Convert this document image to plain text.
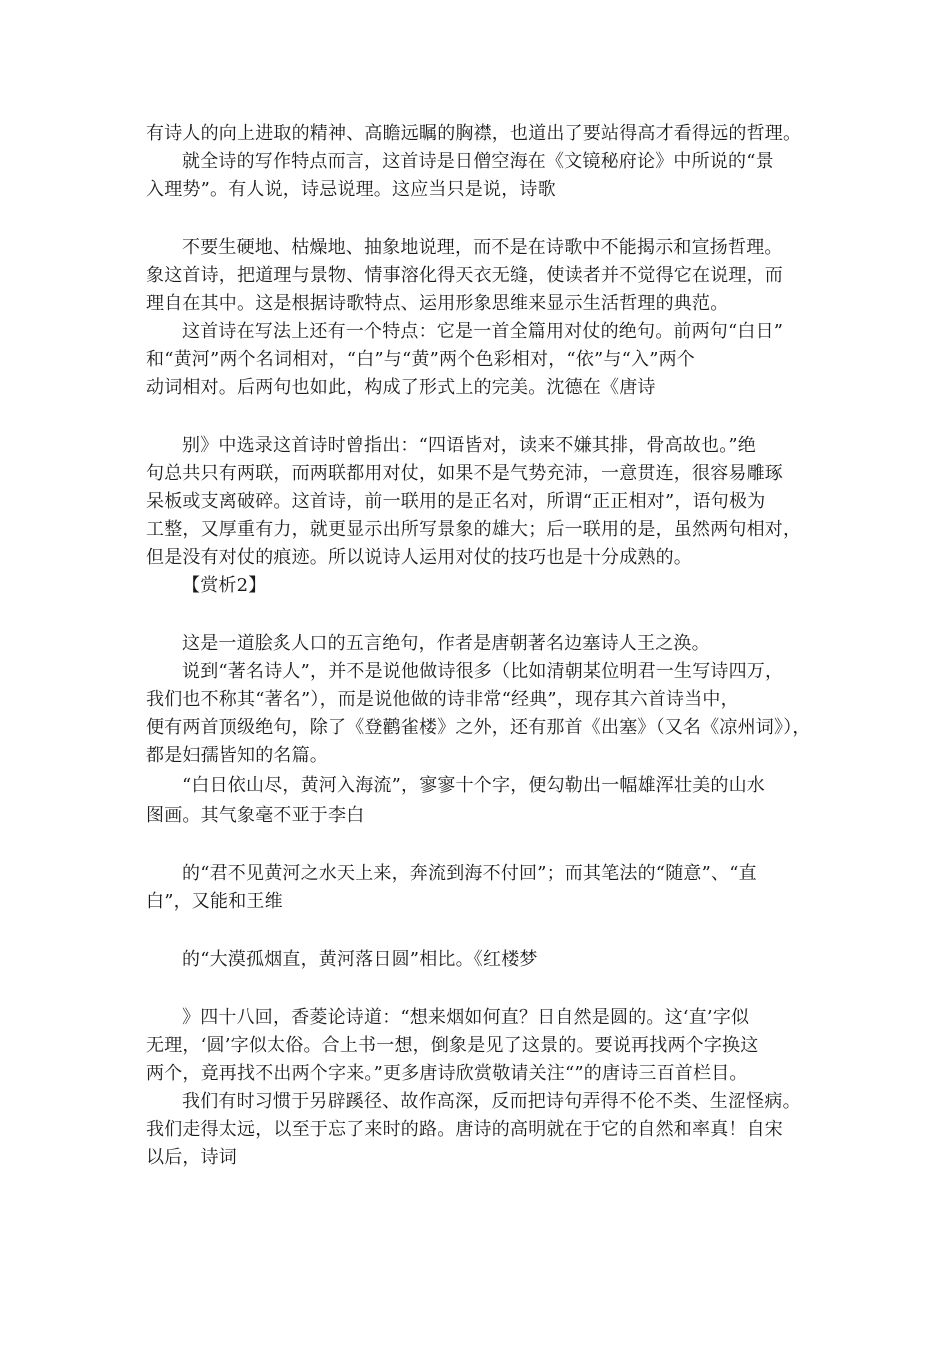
有诗人的向上进取的精神、高瞻远瞩的胸襟，也道出了要站得高才看得远的哲理。
就全诗的写作特点而言，这首诗是日僧空海在《文镜秘府论》中所说的“景
入理势”。有人说，诗忌说理。这应当只是说，诗歌
不要生硬地、枯燥地、抽象地说理，而不是在诗歌中不能揭示和宣扬哲理。
象这首诗，把道理与景物、情事溶化得天衣无缝，使读者并不觉得它在说理，而
理自在其中。这是根据诗歌特点、运用形象思维来显示生活哲理的典范。
这首诗在写法上还有一个特点：它是一首全篇用对仗的绝句。前两句“白日”
和“黄河”两个名词相对，“白”与“黄”两个色彩相对，“依”与“入”两个
动词相对。后两句也如此，构成了形式上的完美。沈德在《唐诗
别》中选录这首诗时曾指出：“四语皆对，读来不嫌其排，骨高故也。”绝
句总共只有两联，而两联都用对仗，如果不是气势充沛，一意贯连，很容易雕琢
呆板或支离破碎。这首诗，前一联用的是正名对，所谓“正正相对”，语句极为
工整，又厚重有力，就更显示出所写景象的雄大；后一联用的是，虽然两句相对，
但是没有对仗的痕迹。所以说诗人运用对仗的技巧也是十分成熟的。
【赏析2】
这是一道脍炙人口的五言绝句，作者是唐朝著名边塞诗人王之涣。
说到“著名诗人”，并不是说他做诗很多（比如清朝某位明君一生写诗四万，
我们也不称其“著名”），而是说他做的诗非常“经典”，现存其六首诗当中，
便有两首顶级绝句，除了《登鹳雀楼》之外，还有那首《出塞》（又名《凉州词》），
都是妇孺皆知的名篇。
“白日依山尽，黄河入海流”，寥寥十个字，便勾勒出一幅雄浑壮美的山水
图画。其气象毫不亚于李白
的“君不见黄河之水天上来，奔流到海不付回”；而其笔法的“随意”、“直
白”，又能和王维
的“大漠孤烟直，黄河落日圆”相比。《红楼梦
》四十八回，香菱论诗道：“想来烟如何直？日自然是圆的。这‘直’字似
无理，‘圆’字似太俗。合上书一想，倒象是见了这景的。要说再找两个字换这
两个，竟再找不出两个字来。”更多唐诗欣赏敬请关注“”的唐诗三百首栏目。
我们有时习惯于另辟蹊径、故作高深，反而把诗句弄得不伦不类、生涩怪病。
我们走得太远，以至于忘了来时的路。唐诗的高明就在于它的自然和率真！自宋
以后，诗词
